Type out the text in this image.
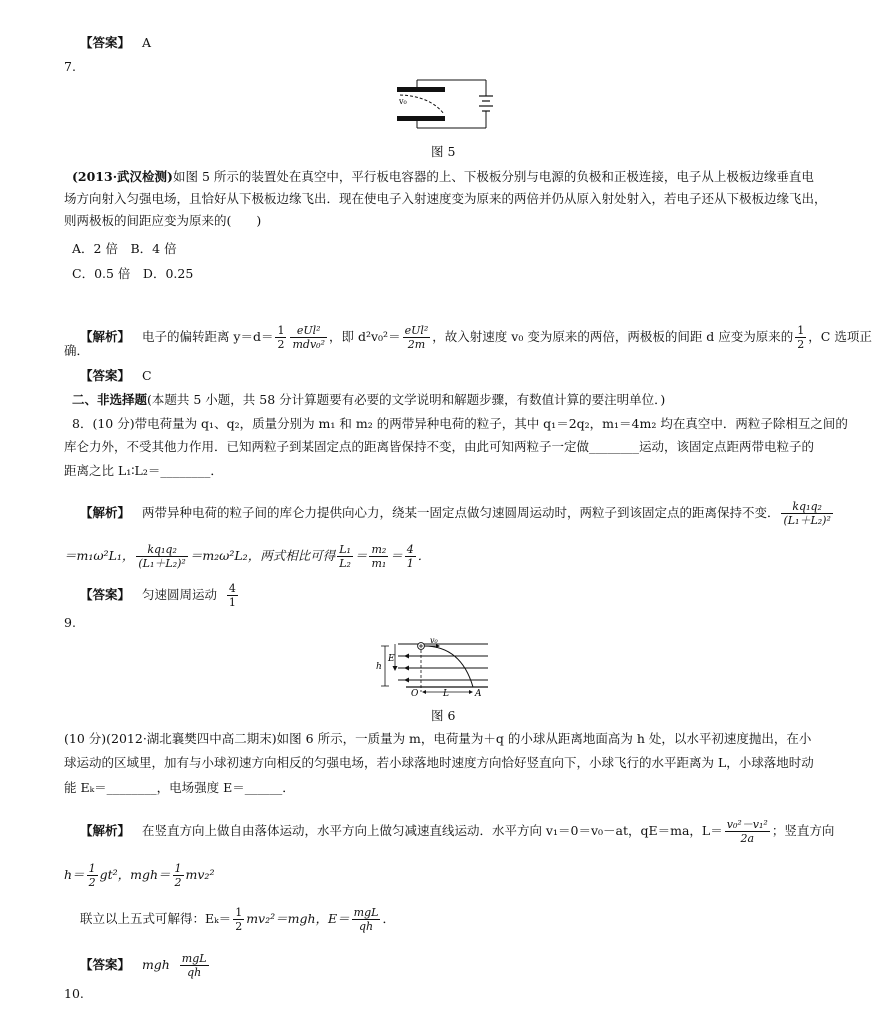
【答案】 A
7.
v₀
图 5
(2013·武汉检测)如图 5 所示的装置处在真空中，平行板电容器的上、下极板分别与电源的负极和正极连接，电子从上极板边缘垂直电
场方向射入匀强电场，且恰好从下极板边缘飞出．现在使电子入射速度变为原来的两倍并仍从原入射处射入，若电子还从下极板边缘飞出，
则两极板的间距应变为原来的(　　)
A．2 倍　B．4 倍
C．0.5 倍　D．0.25
【解析】 电子的偏转距离 $y=d= \frac{1}{2} \frac{\text{eUl²}}{\text{mdv₀²}}$ ，即 $d^2v_0^2= \frac{\text{eUl²}}{2m}$ ，故入射速度 v₀ 变为原来的两倍，两极板的间距 d 应变为原来的 $\frac{1}{2}$ ，C 选项正
确．
【答案】 C
二、非选择题(本题共 5 小题，共 58 分计算题要有必要的文学说明和解题步骤，有数值计算的要注明单位．)
8．(10 分)带电荷量为 q₁、q₂，质量分别为 m₁ 和 m₂ 的两带异种电荷的粒子，其中 q₁＝2q₂，m₁＝4m₂ 均在真空中．两粒子除相互之间的
库仑力外，不受其他力作用．已知两粒子到某固定点的距离皆保持不变，由此可知两粒子一定做________运动，该固定点距两带电粒子的
距离之比 L₁∶L₂＝________．
【解析】 两带异种电荷的粒子间的库仑力提供向心力，绕某一固定点做匀速圆周运动时，两粒子到该固定点的距离保持不变． $\frac{\text{kq₁q₂}}{\text{(L₁＋L₂)²}}$
＝m₁ω²L₁， $\frac{\text{kq₁q₂}}{\text{(L₁＋L₂)²}} =m_2\omega^2L_2$，两式相比可得 $\frac{\text{L₁}}{\text{L₂}} = \frac{\text{m₂}}{\text{m₁}} = \frac{4}{1}$ ．
【答案】 匀速圆周运动 $\frac{4}{1}$
9.
h
E
O	L	A
v₀
图 6
(10 分)(2012·湖北襄樊四中高二期末)如图 6 所示，一质量为 m，电荷量为＋q 的小球从距离地面高为 h 处，以水平初速度抛出，在小
球运动的区域里，加有与小球初速方向相反的匀强电场，若小球落地时速度方向恰好竖直向下，小球飞行的水平距离为 L，小球落地时动
能 Eₖ＝________，电场强度 E＝______．
【解析】 在竖直方向上做自由落体运动，水平方向上做匀减速直线运动．水平方向 v₁＝0＝v₀－at，qE＝ma，$L= \frac{\text{v₀²－v₁²}}{2a}$ ；竖直方向
$h= \frac{1}{2} gt^2$，$mgh= \frac{1}{2} mv_2^2$
联立以上五式可解得：$E_k= \frac{1}{2} mv_2^2=mgh$，$E= \frac{\text{mgL}}{qh}$ ．
【答案】 mgh $\frac{\text{mgL}}{qh}$
10.
